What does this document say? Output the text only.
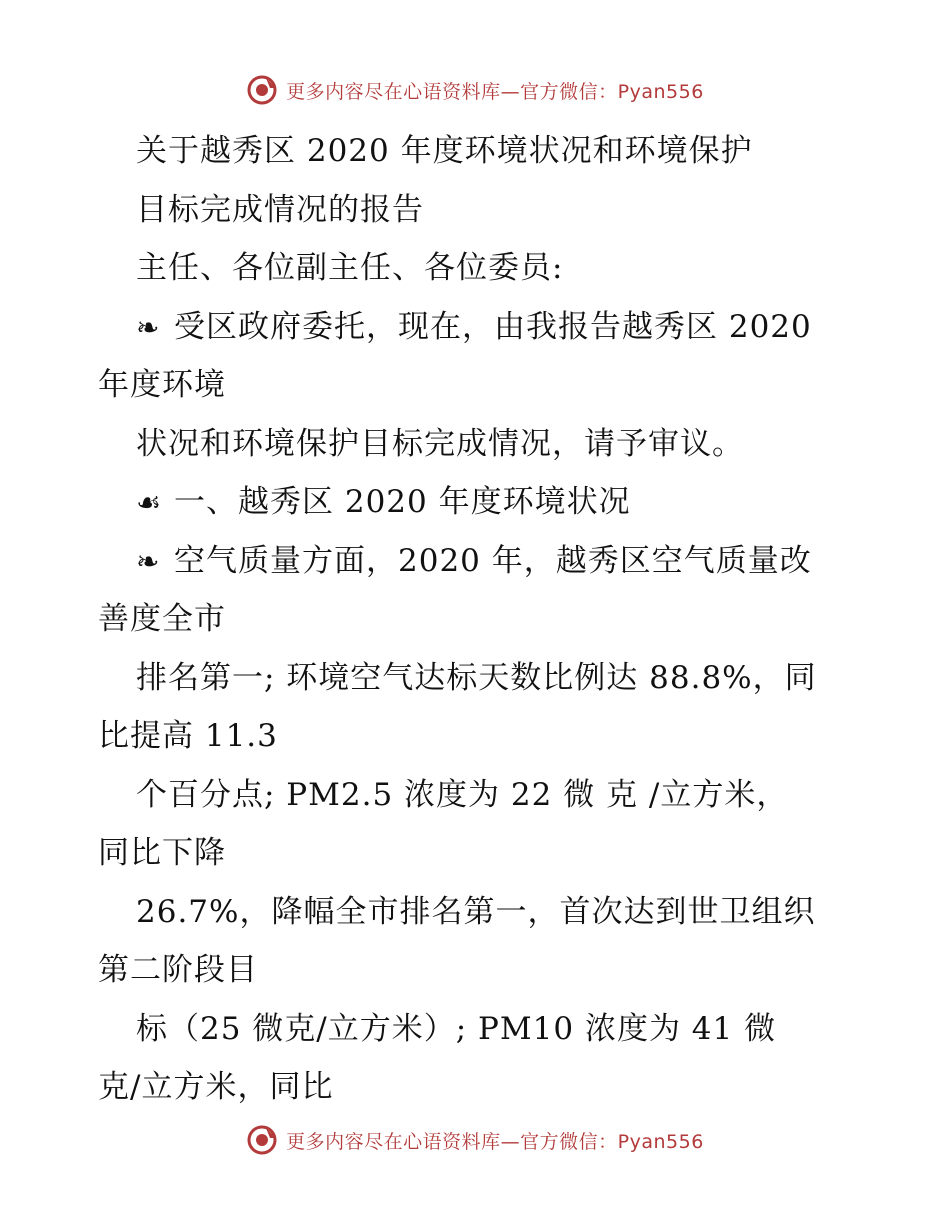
更多内容尽在心语资料库—官方微信：Pyan556
关于越秀区 2020 年度环境状况和环境保护
目标完成情况的报告
主任、各位副主任、各位委员:
❧ 受区政府委托，现在，由我报告越秀区 2020
年度环境
状况和环境保护目标完成情况，请予审议。
☙ 一、越秀区 2020 年度环境状况
❧ 空气质量方面，2020 年，越秀区空气质量改
善度全市
排名第一; 环境空气达标天数比例达 88.8%，同
比提高 11.3
个百分点; PM2.5 浓度为 22 微 克 /立方米，
同比下降
26.7%，降幅全市排名第一，首次达到世卫组织
第二阶段目
标（25 微克/立方米）; PM10 浓度为 41 微
克/立方米，同比
更多内容尽在心语资料库—官方微信：Pyan556
